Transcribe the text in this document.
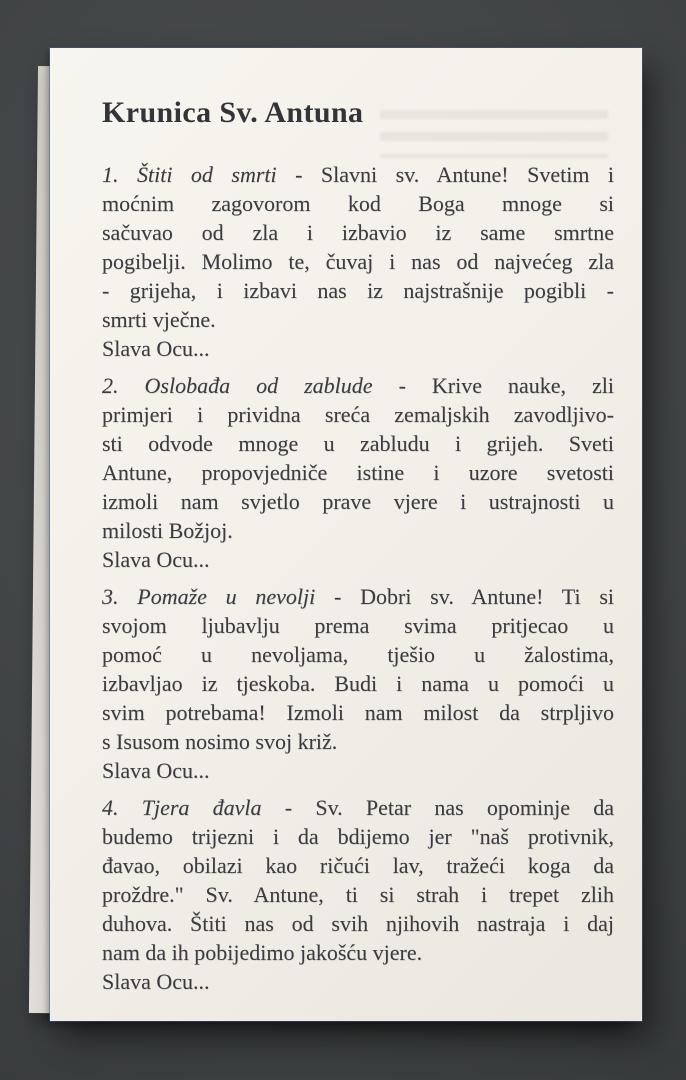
Krunica Sv. Antuna
1. Štiti od smrti - Slavni sv. Antune! Svetim i
moćnim zagovorom kod Boga mnoge si
sačuvao od zla i izbavio iz same smrtne
pogibelji. Molimo te, čuvaj i nas od najvećeg zla
- grijeha, i izbavi nas iz najstrašnije pogibli -
smrti vječne.
Slava Ocu...
2. Oslobađa od zablude - Krive nauke, zli
primjeri i prividna sreća zemaljskih zavodljivo-
sti odvode mnoge u zabludu i grijeh. Sveti
Antune, propovjedniče istine i uzore svetosti
izmoli nam svjetlo prave vjere i ustrajnosti u
milosti Božjoj.
Slava Ocu...
3. Pomaže u nevolji - Dobri sv. Antune! Ti si
svojom ljubavlju prema svima pritjecao u
pomoć u nevoljama, tješio u žalostima,
izbavljao iz tjeskoba. Budi i nama u pomoći u
svim potrebama! Izmoli nam milost da strpljivo
s Isusom nosimo svoj križ.
Slava Ocu...
4. Tjera đavla - Sv. Petar nas opominje da
budemo trijezni i da bdijemo jer "naš protivnik,
đavao, obilazi kao ričući lav, tražeći koga da
proždre." Sv. Antune, ti si strah i trepet zlih
duhova. Štiti nas od svih njihovih nastraja i daj
nam da ih pobijedimo jakošću vjere.
Slava Ocu...
